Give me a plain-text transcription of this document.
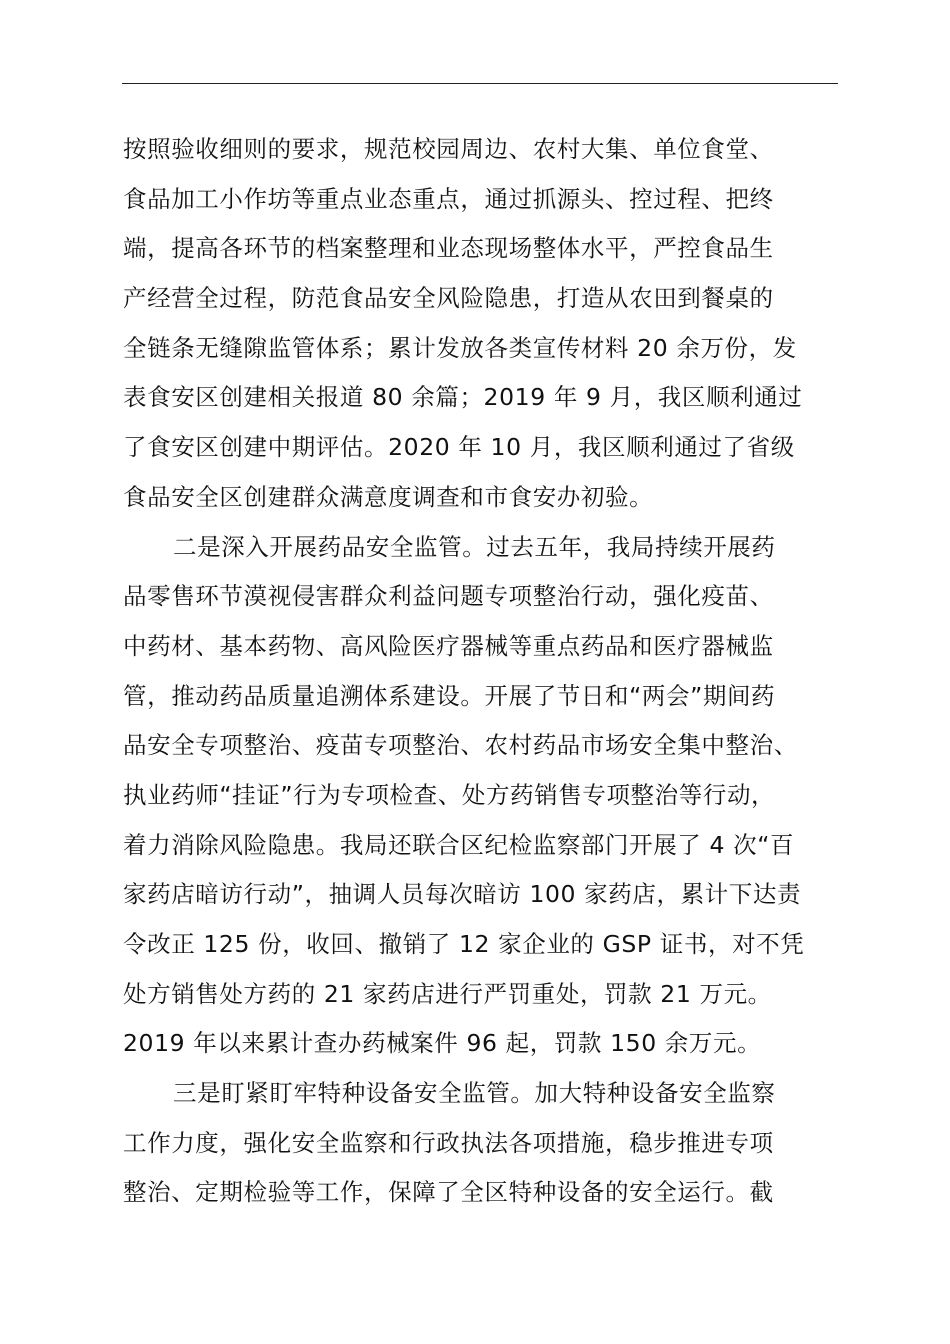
按照验收细则的要求，规范校园周边、农村大集、单位食堂、
食品加工小作坊等重点业态重点，通过抓源头、控过程、把终
端，提高各环节的档案整理和业态现场整体水平，严控食品生
产经营全过程，防范食品安全风险隐患，打造从农田到餐桌的
全链条无缝隙监管体系；累计发放各类宣传材料 20 余万份，发
表食安区创建相关报道 80 余篇；2019 年 9 月，我区顺利通过
了食安区创建中期评估。2020 年 10 月，我区顺利通过了省级
食品安全区创建群众满意度调查和市食安办初验。
二是深入开展药品安全监管。过去五年，我局持续开展药
品零售环节漠视侵害群众利益问题专项整治行动，强化疫苗、
中药材、基本药物、高风险医疗器械等重点药品和医疗器械监
管，推动药品质量追溯体系建设。开展了节日和“两会”期间药
品安全专项整治、疫苗专项整治、农村药品市场安全集中整治、
执业药师“挂证”行为专项检查、处方药销售专项整治等行动，
着力消除风险隐患。我局还联合区纪检监察部门开展了 4 次“百
家药店暗访行动”，抽调人员每次暗访 100 家药店，累计下达责
令改正 125 份，收回、撤销了 12 家企业的 GSP 证书，对不凭
处方销售处方药的 21 家药店进行严罚重处，罚款 21 万元。
2019 年以来累计查办药械案件 96 起，罚款 150 余万元。
三是盯紧盯牢特种设备安全监管。加大特种设备安全监察
工作力度，强化安全监察和行政执法各项措施，稳步推进专项
整治、定期检验等工作，保障了全区特种设备的安全运行。截
